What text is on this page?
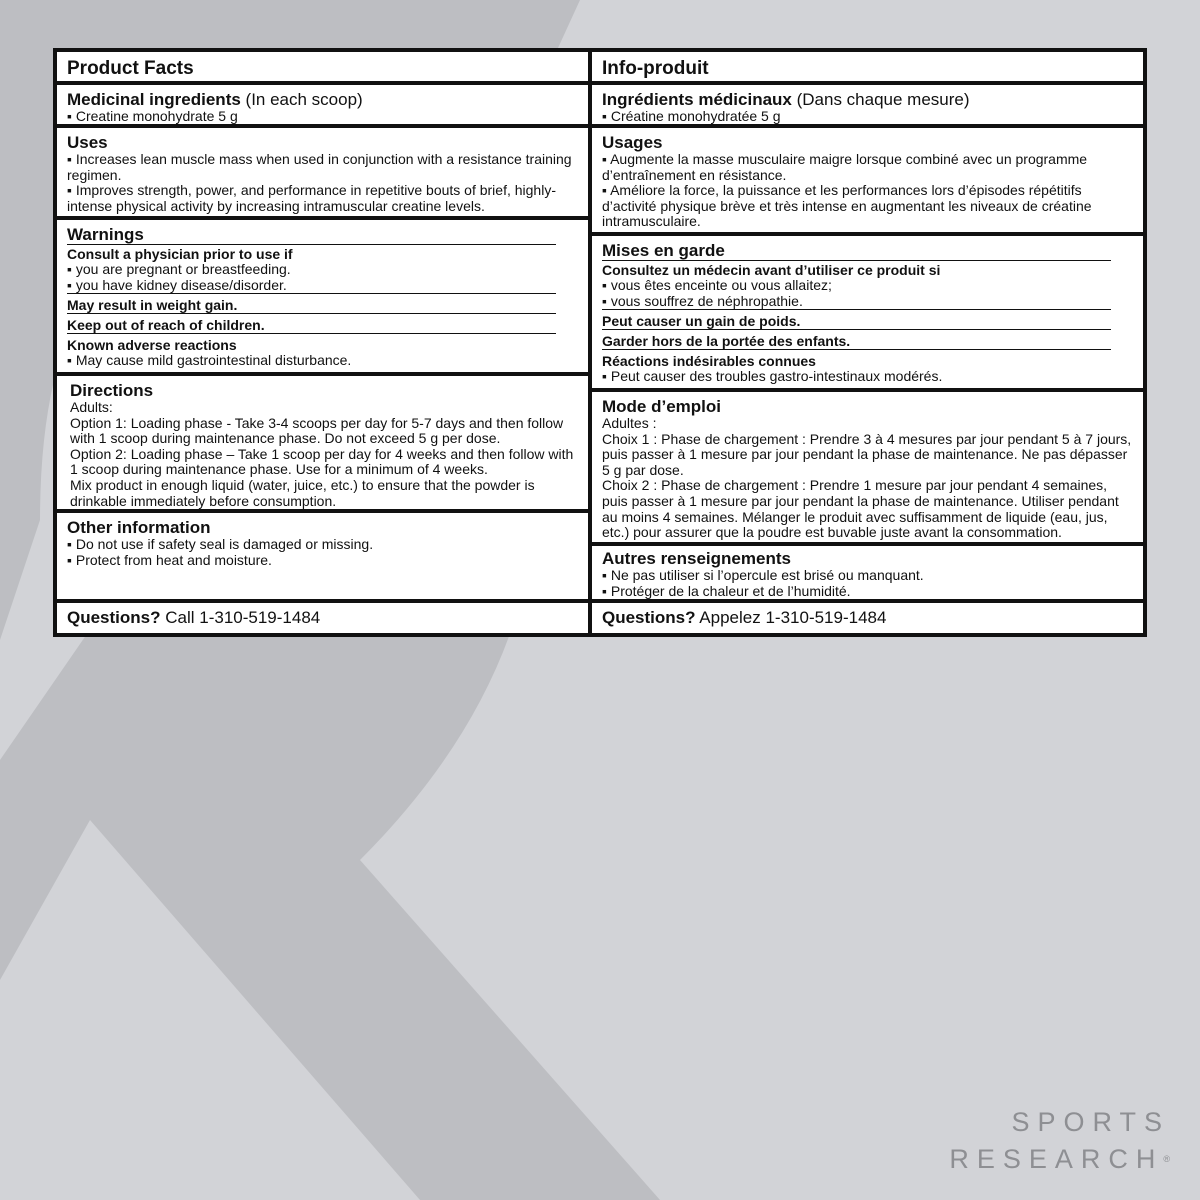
Product Facts
Medicinal ingredients (In each scoop)
▪ Creatine monohydrate 5 g
Uses
▪ Increases lean muscle mass when used in conjunction with a resistance training regimen.
▪ Improves strength, power, and performance in repetitive bouts of brief, highly-intense physical activity by increasing intramuscular creatine levels.
Warnings
Consult a physician prior to use if
▪ you are pregnant or breastfeeding.
▪ you have kidney disease/disorder.
May result in weight gain.
Keep out of reach of children.
Known adverse reactions
▪ May cause mild gastrointestinal disturbance.
Directions
Adults:
Option 1: Loading phase - Take 3-4 scoops per day for 5-7 days and then follow with 1 scoop during maintenance phase. Do not exceed 5 g per dose.
Option 2: Loading phase – Take 1 scoop per day for 4 weeks and then follow with 1 scoop during maintenance phase. Use for a minimum of 4 weeks.
Mix product in enough liquid (water, juice, etc.) to ensure that the powder is drinkable immediately before consumption.
Other information
▪ Do not use if safety seal is damaged or missing.
▪ Protect from heat and moisture.
Questions? Call 1-310-519-1484
Info-produit
Ingrédients médicinaux (Dans chaque mesure)
▪ Créatine monohydratée 5 g
Usages
▪ Augmente la masse musculaire maigre lorsque combiné avec un programme d’entraînement en résistance.
▪ Améliore la force, la puissance et les performances lors d’épisodes répétitifs d’activité physique brève et très intense en augmentant les niveaux de créatine intramusculaire.
Mises en garde
Consultez un médecin avant d’utiliser ce produit si
▪ vous êtes enceinte ou vous allaitez;
▪ vous souffrez de néphropathie.
Peut causer un gain de poids.
Garder hors de la portée des enfants.
Réactions indésirables connues
▪ Peut causer des troubles gastro-intestinaux modérés.
Mode d’emploi
Adultes :
Choix 1 : Phase de chargement : Prendre 3 à 4 mesures par jour pendant 5 à 7 jours, puis passer à 1 mesure par jour pendant la phase de maintenance. Ne pas dépasser 5 g par dose.
Choix 2 : Phase de chargement : Prendre 1 mesure par jour pendant 4 semaines, puis passer à 1 mesure par jour pendant la phase de maintenance. Utiliser pendant au moins 4 semaines. Mélanger le produit avec suffisamment de liquide (eau, jus, etc.) pour assurer que la poudre est buvable juste avant la consommation.
Autres renseignements
▪ Ne pas utiliser si l’opercule est brisé ou manquant.
▪ Protéger de la chaleur et de l’humidité.
Questions? Appelez 1-310-519-1484
SPORTS
RESEARCH®
